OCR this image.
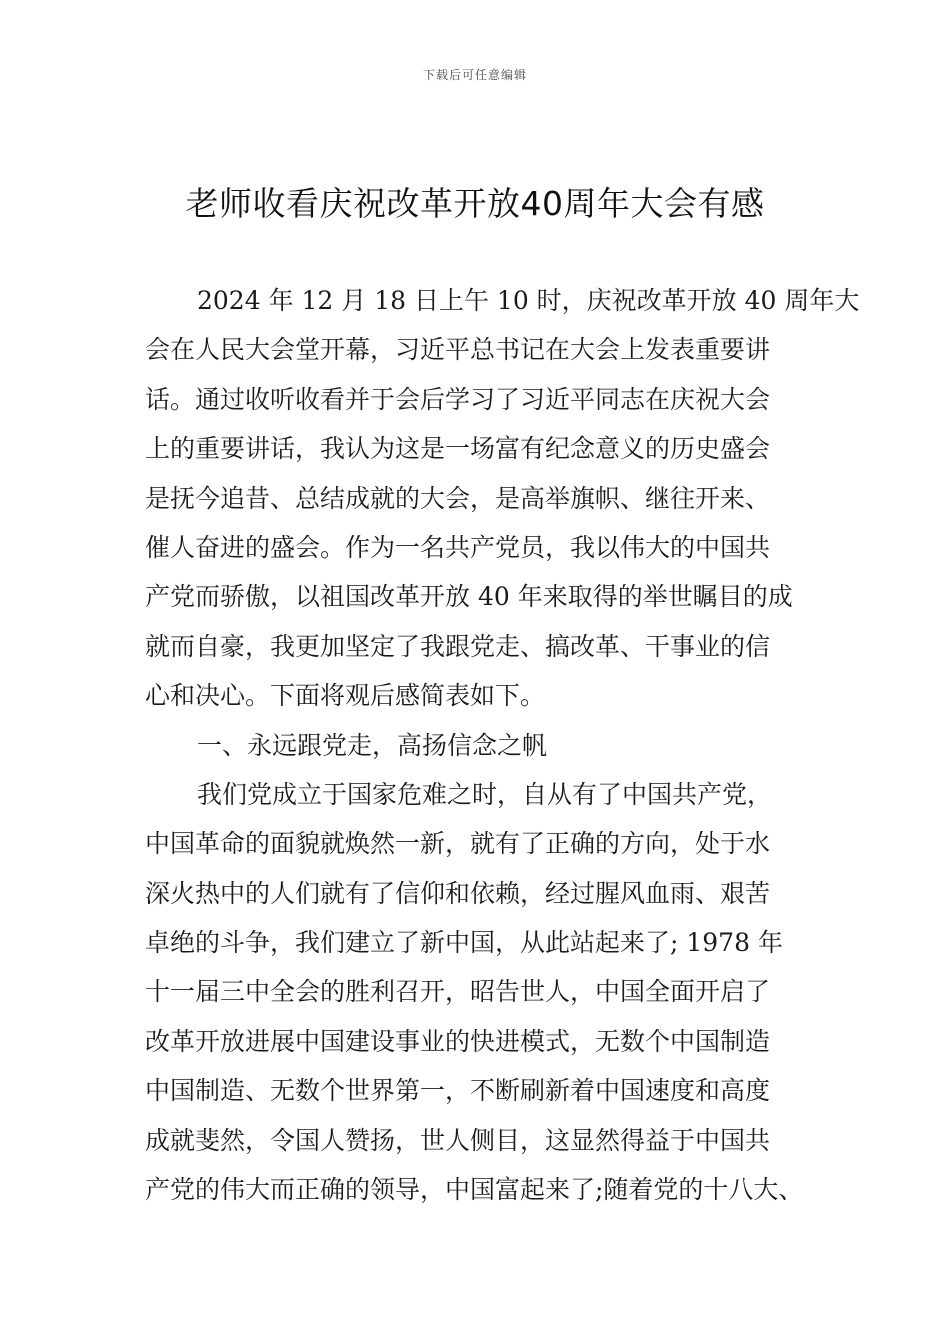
下载后可任意编辑
老师收看庆祝改革开放40周年大会有感
2024 年 12 月 18 日上午 10 时，庆祝改革开放 40 周年大
会在人民大会堂开幕，习近平总书记在大会上发表重要讲
话。通过收听收看并于会后学习了习近平同志在庆祝大会
上的重要讲话，我认为这是一场富有纪念意义的历史盛会
是抚今追昔、总结成就的大会，是高举旗帜、继往开来、
催人奋进的盛会。作为一名共产党员，我以伟大的中国共
产党而骄傲，以祖国改革开放 40 年来取得的举世瞩目的成
就而自豪，我更加坚定了我跟党走、搞改革、干事业的信
心和决心。下面将观后感简表如下。
一、永远跟党走，高扬信念之帆
我们党成立于国家危难之时，自从有了中国共产党，
中国革命的面貌就焕然一新，就有了正确的方向，处于水
深火热中的人们就有了信仰和依赖，经过腥风血雨、艰苦
卓绝的斗争，我们建立了新中国，从此站起来了; 1978 年
十一届三中全会的胜利召开，昭告世人，中国全面开启了
改革开放进展中国建设事业的快进模式，无数个中国制造
中国制造、无数个世界第一，不断刷新着中国速度和高度
成就斐然，令国人赞扬，世人侧目，这显然得益于中国共
产党的伟大而正确的领导，中国富起来了;随着党的十八大、
